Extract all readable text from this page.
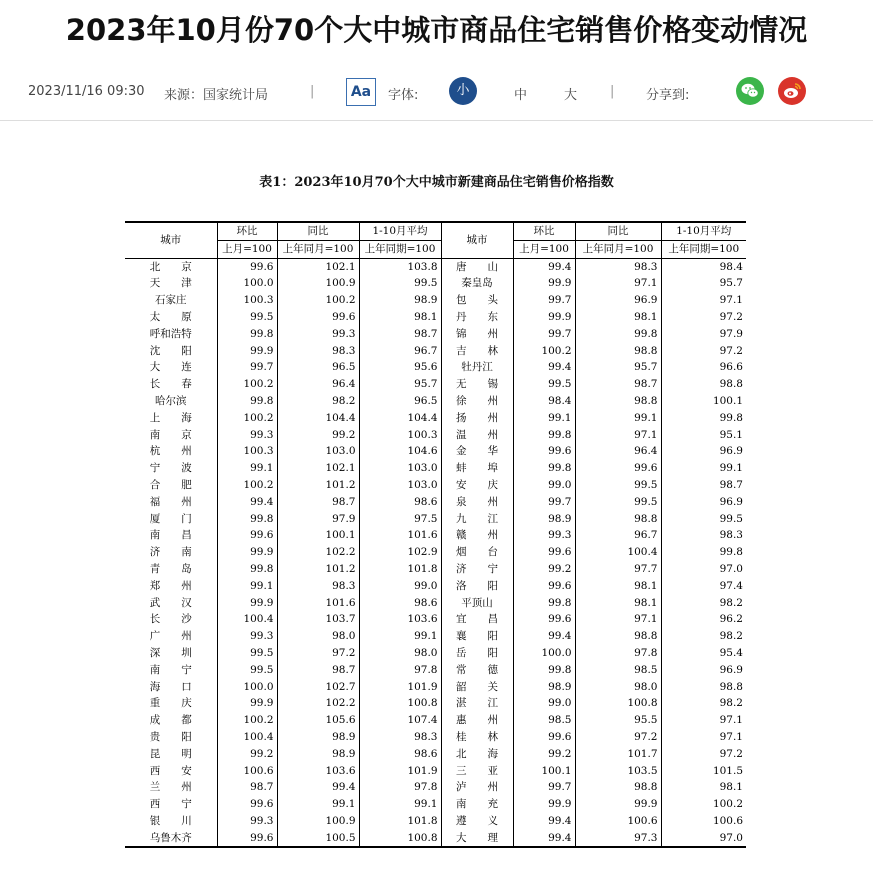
2023年10月份70个大中城市商品住宅销售价格变动情况
2023/11/16 09:30 来源：国家统计局	|	Aa	字体:	小	中	大	| 分享到:
表1：2023年10月70个大中城市新建商品住宅销售价格指数
城市	环比	同比	1-10月平均	城市	环比	同比	1-10月平均
	上月=100	上年同月=100	上年同期=100		上月=100	上年同月=100	上年同期=100
北　　京	99.6	102.1	103.8	唐　　山	99.4	98.3	98.4
天　　津	100.0	100.9	99.5	秦皇岛	99.9	97.1	95.7
石家庄	100.3	100.2	98.9	包　　头	99.7	96.9	97.1
太　　原	99.5	99.6	98.1	丹　　东	99.9	98.1	97.2
呼和浩特	99.8	99.3	98.7	锦　　州	99.7	99.8	97.9
沈　　阳	99.9	98.3	96.7	吉　　林	100.2	98.8	97.2
大　　连	99.7	96.5	95.6	牡丹江	99.4	95.7	96.6
长　　春	100.2	96.4	95.7	无　　锡	99.5	98.7	98.8
哈尔滨	99.8	98.2	96.5	徐　　州	98.4	98.8	100.1
上　　海	100.2	104.4	104.4	扬　　州	99.1	99.1	99.8
南　　京	99.3	99.2	100.3	温　　州	99.8	97.1	95.1
杭　　州	100.3	103.0	104.6	金　　华	99.6	96.4	96.9
宁　　波	99.1	102.1	103.0	蚌　　埠	99.8	99.6	99.1
合　　肥	100.2	101.2	103.0	安　　庆	99.0	99.5	98.7
福　　州	99.4	98.7	98.6	泉　　州	99.7	99.5	96.9
厦　　门	99.8	97.9	97.5	九　　江	98.9	98.8	99.5
南　　昌	99.6	100.1	101.6	赣　　州	99.3	96.7	98.3
济　　南	99.9	102.2	102.9	烟　　台	99.6	100.4	99.8
青　　岛	99.8	101.2	101.8	济　　宁	99.2	97.7	97.0
郑　　州	99.1	98.3	99.0	洛　　阳	99.6	98.1	97.4
武　　汉	99.9	101.6	98.6	平顶山	99.8	98.1	98.2
长　　沙	100.4	103.7	103.6	宜　　昌	99.6	97.1	96.2
广　　州	99.3	98.0	99.1	襄　　阳	99.4	98.8	98.2
深　　圳	99.5	97.2	98.0	岳　　阳	100.0	97.8	95.4
南　　宁	99.5	98.7	97.8	常　　德	99.8	98.5	96.9
海　　口	100.0	102.7	101.9	韶　　关	98.9	98.0	98.8
重　　庆	99.9	102.2	100.8	湛　　江	99.0	100.8	98.2
成　　都	100.2	105.6	107.4	惠　　州	98.5	95.5	97.1
贵　　阳	100.4	98.9	98.3	桂　　林	99.6	97.2	97.1
昆　　明	99.2	98.9	98.6	北　　海	99.2	101.7	97.2
西　　安	100.6	103.6	101.9	三　　亚	100.1	103.5	101.5
兰　　州	98.7	99.4	97.8	泸　　州	99.7	98.8	98.1
西　　宁	99.6	99.1	99.1	南　　充	99.9	99.9	100.2
银　　川	99.3	100.9	101.8	遵　　义	99.4	100.6	100.6
乌鲁木齐	99.6	100.5	100.8	大　　理	99.4	97.3	97.0
